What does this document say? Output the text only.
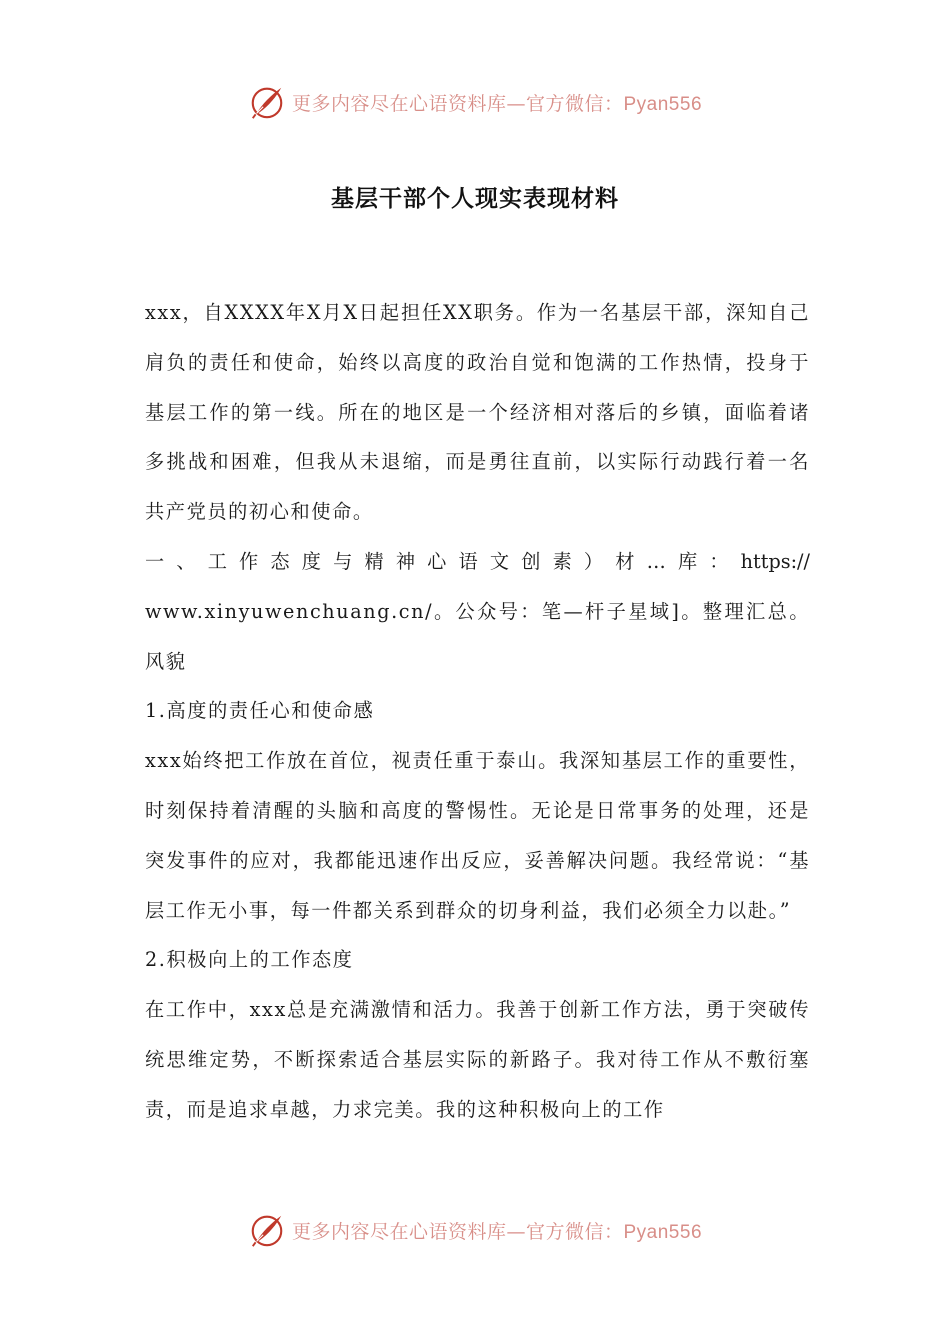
更多内容尽在心语资料库—官方微信：Pyan556
基层干部个人现实表现材料

xxx，自XXXX年X月X日起担任XX职务。作为一名基层干部，深知自己肩负的责任和使命，始终以高度的政治自觉和饱满的工作热情，投身于基层工作的第一线。所在的地区是一个经济相对落后的乡镇，面临着诸多挑战和困难，但我从未退缩，而是勇往直前，以实际行动践行着一名共产党员的初心和使命。

一、工作态度与精神心语文创素）材…库：https://

www.xinyuwenchuang.cn/。公众号：笔—杆子星域]。整理汇总。风貌

1.高度的责任心和使命感

xxx始终把工作放在首位，视责任重于泰山。我深知基层工作的重要性，时刻保持着清醒的头脑和高度的警惕性。无论是日常事务的处理，还是突发事件的应对，我都能迅速作出反应，妥善解决问题。我经常说：“基层工作无小事，每一件都关系到群众的切身利益，我们必须全力以赴。”

2.积极向上的工作态度

在工作中，xxx总是充满激情和活力。我善于创新工作方法，勇于突破传统思维定势，不断探索适合基层实际的新路子。我对待工作从不敷衍塞责，而是追求卓越，力求完美。我的这种积极向上的工作

更多内容尽在心语资料库—官方微信：Pyan556
